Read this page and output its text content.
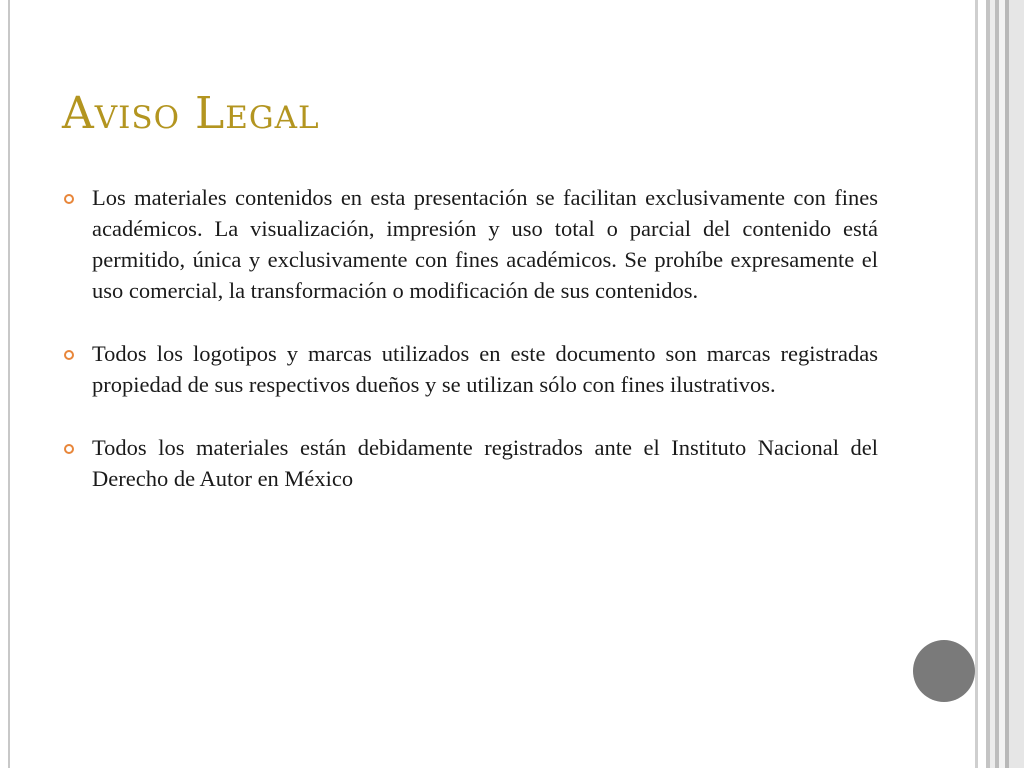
Aviso Legal

Los materiales contenidos en esta presentación se facilitan exclusivamente con fines académicos. La visualización, impresión y uso total o parcial del contenido está permitido, única y exclusivamente con fines académicos. Se prohíbe expresamente el uso comercial, la transformación o modificación de sus contenidos.

Todos los logotipos y marcas utilizados en este documento son marcas registradas propiedad de sus respectivos dueños y se utilizan sólo con fines ilustrativos.

Todos los materiales están debidamente registrados ante el Instituto Nacional del Derecho de Autor en México
